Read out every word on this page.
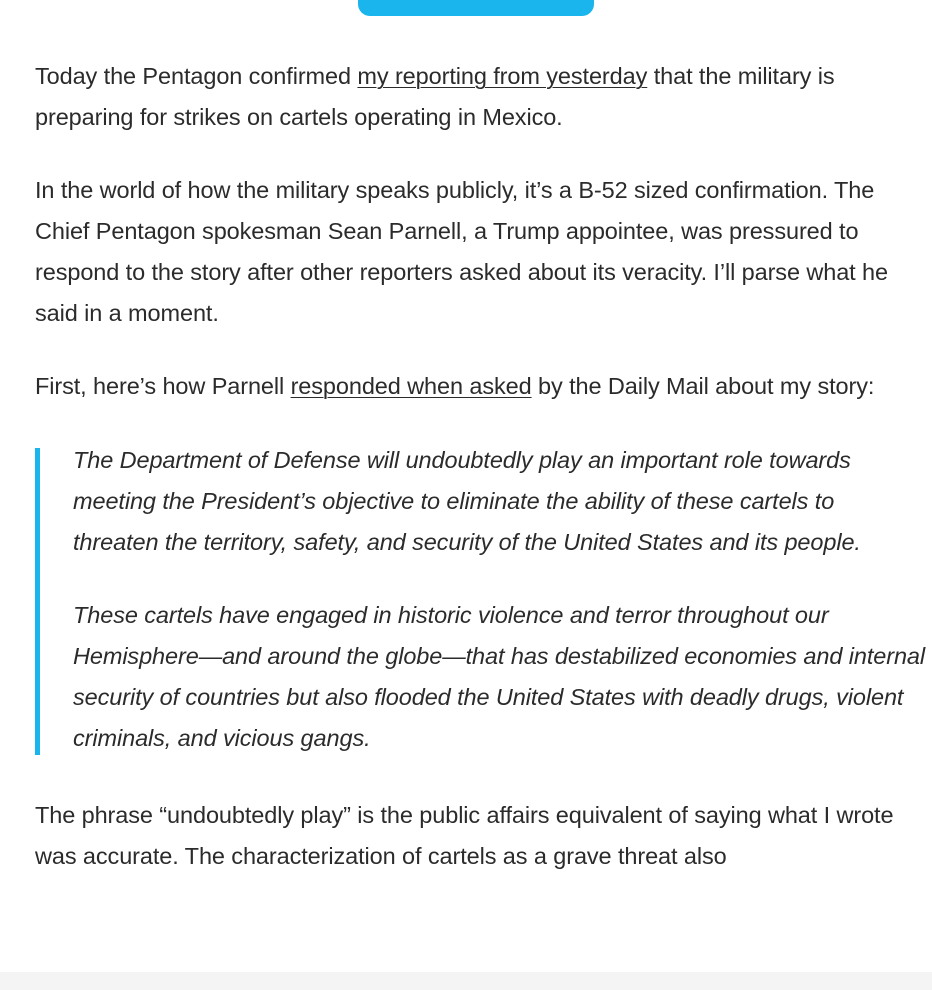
Today the Pentagon confirmed my reporting from yesterday that the military is preparing for strikes on cartels operating in Mexico.

In the world of how the military speaks publicly, it’s a B-52 sized confirmation. The Chief Pentagon spokesman Sean Parnell, a Trump appointee, was pressured to respond to the story after other reporters asked about its veracity. I’ll parse what he said in a moment.

First, here’s how Parnell responded when asked by the Daily Mail about my story:

The Department of Defense will undoubtedly play an important role towards meeting the President’s objective to eliminate the ability of these cartels to threaten the territory, safety, and security of the United States and its people.

These cartels have engaged in historic violence and terror throughout our Hemisphere—and around the globe—that has destabilized economies and internal security of countries but also flooded the United States with deadly drugs, violent criminals, and vicious gangs.

The phrase “undoubtedly play” is the public affairs equivalent of saying what I wrote was accurate. The characterization of cartels as a grave threat also
